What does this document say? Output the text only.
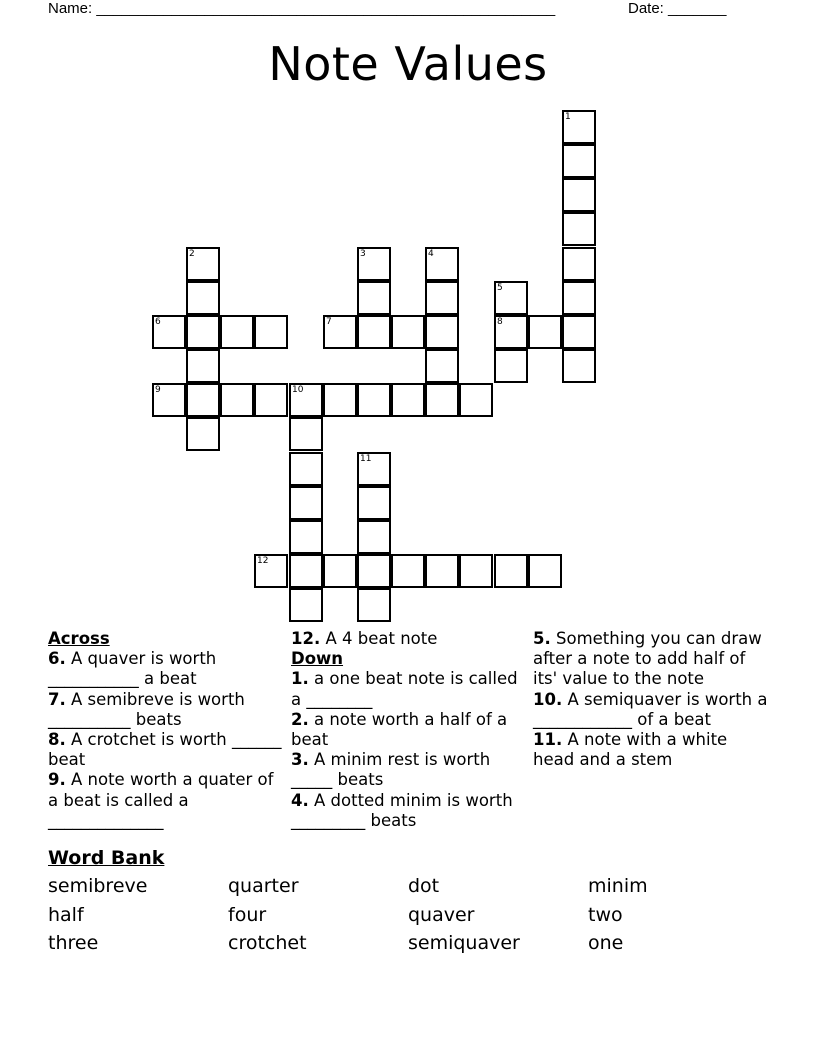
Name: _______________________________________________________	Date: _______
Note Values
1
2	3	4
5
6	7	8
9	10
11
12
Across
6. A quaver is worth ___________ a beat
7. A semibreve is worth __________ beats
8. A crotchet is worth ______ beat
9. A note worth a quater of a beat is called a ______________
12. A 4 beat note
Down
1. a one beat note is called a ________
2. a note worth a half of a beat
3. A minim rest is worth _____ beats
4. A dotted minim is worth _________ beats
5. Something you can draw after a note to add half of its' value to the note
10. A semiquaver is worth a ____________ of a beat
11. A note with a white head and a stem
Word Bank
semibreve	quarter	dot	minim
half	four	quaver	two
three	crotchet	semiquaver	one
